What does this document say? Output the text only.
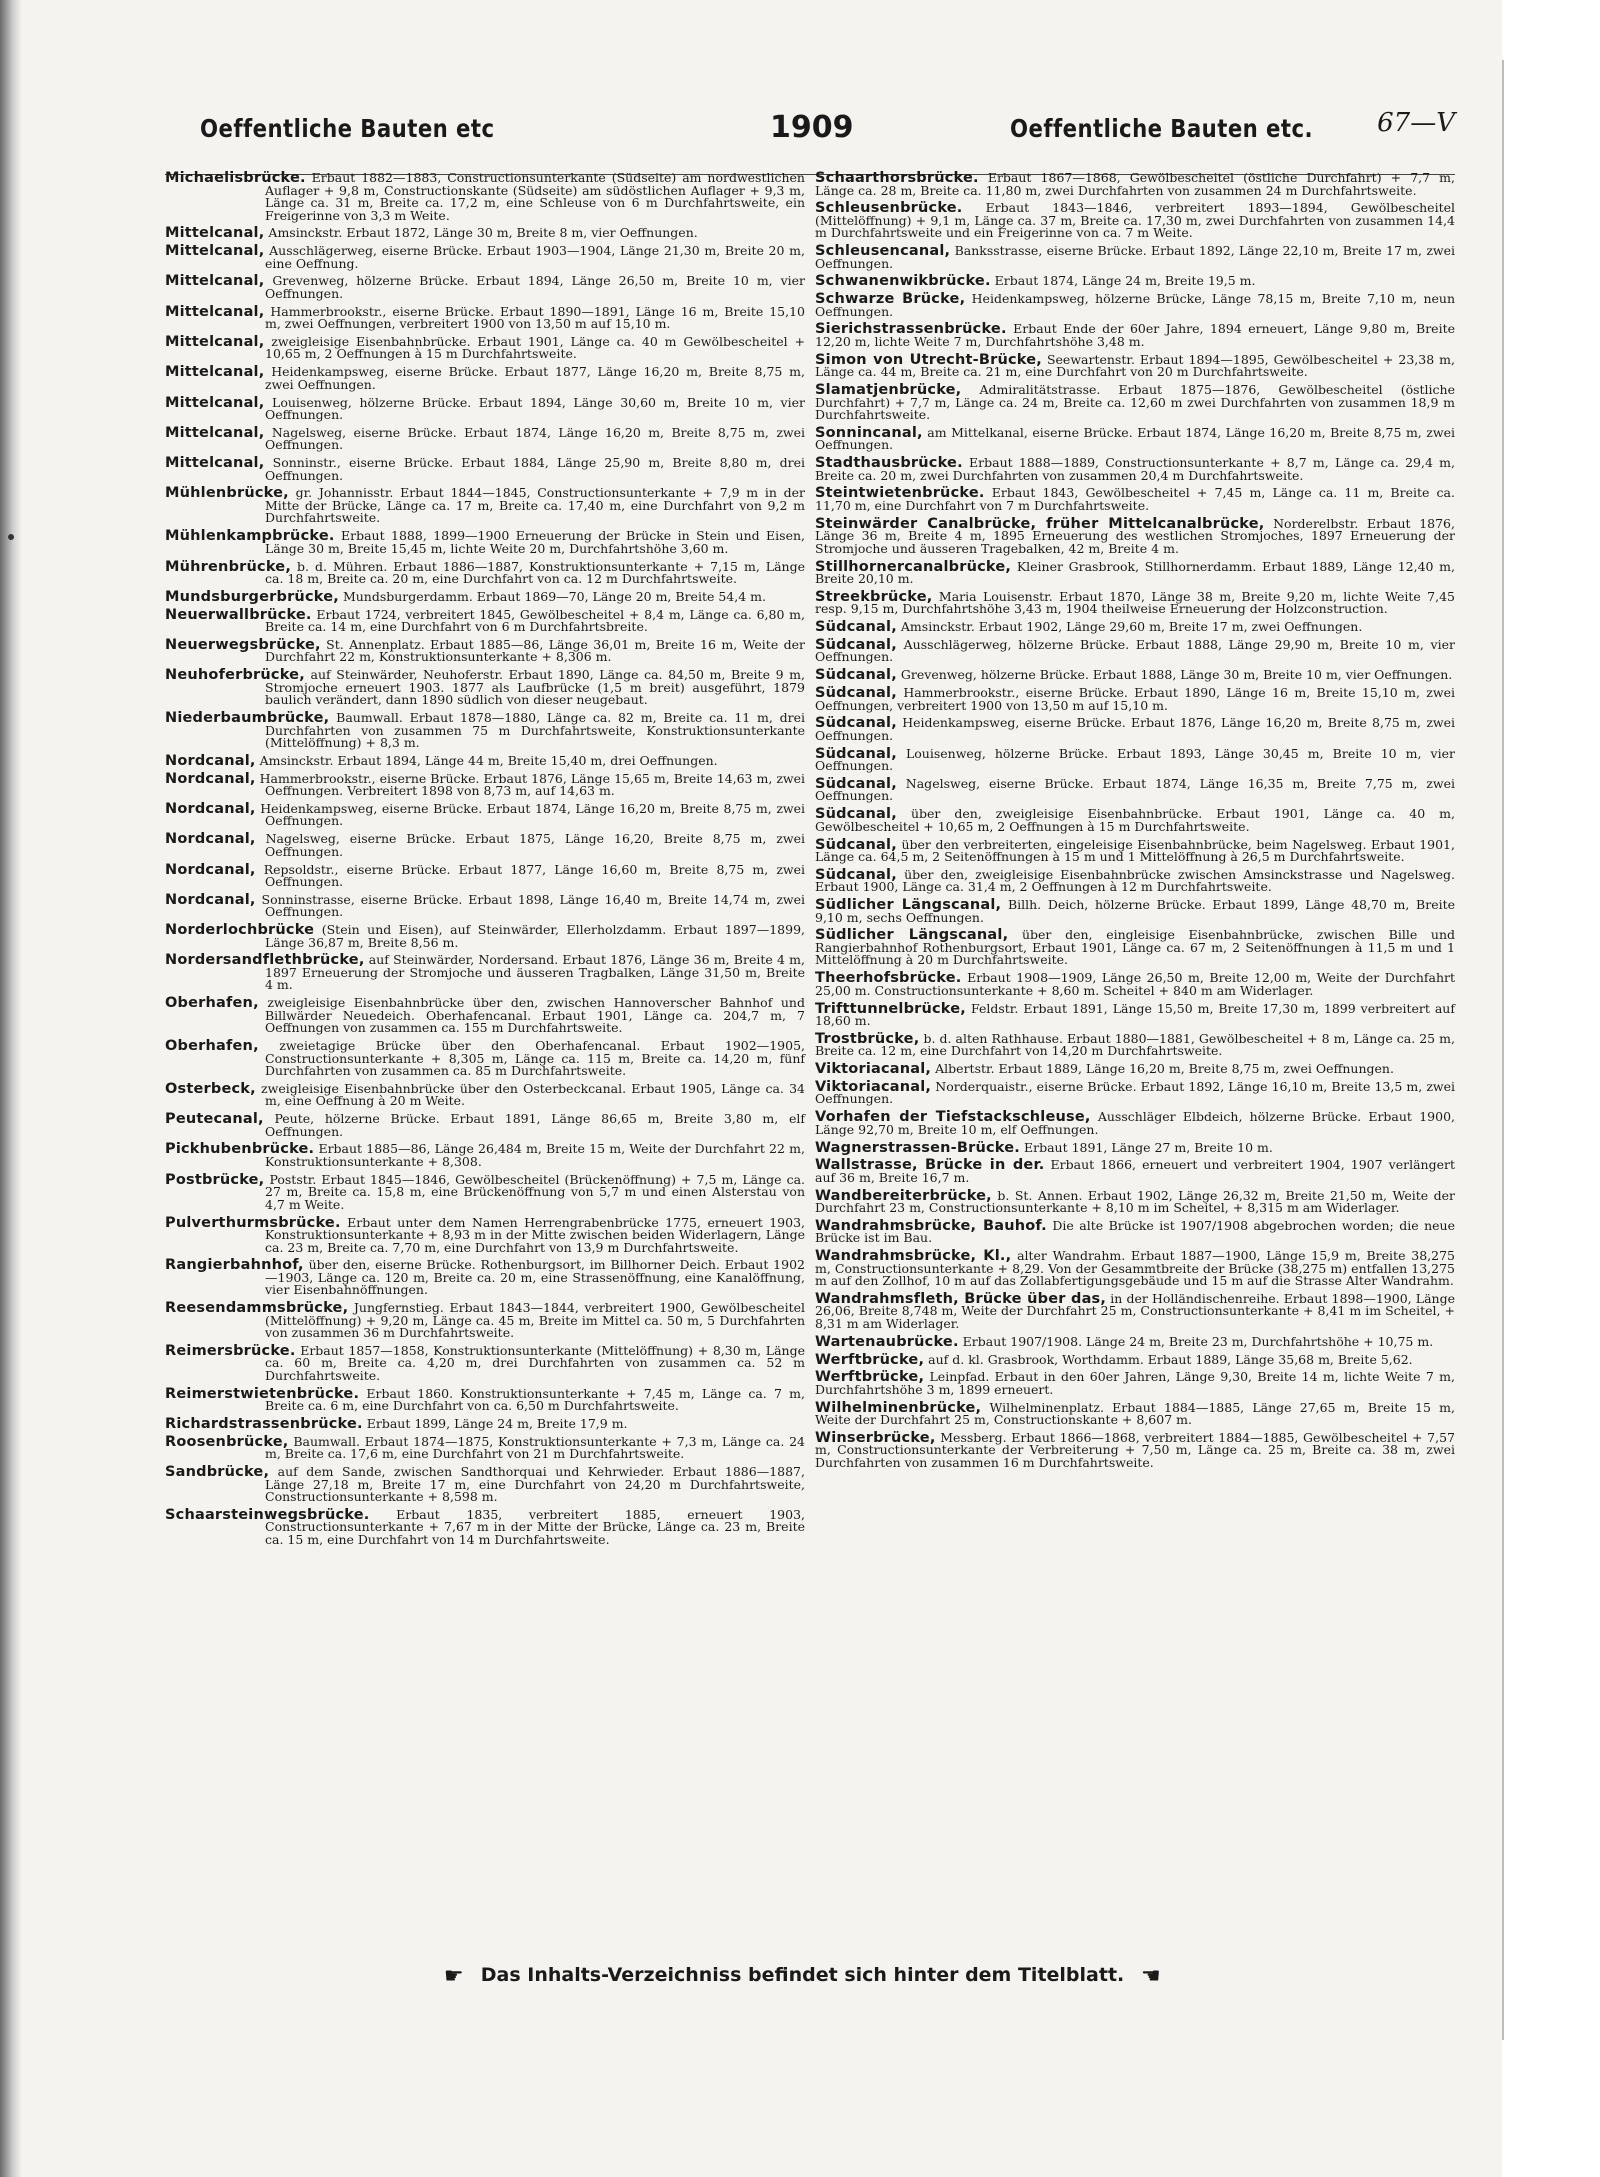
Oeffentliche Bauten etc	1909	Oeffentliche Bauten etc. 67—V

Michaelisbrücke. Erbaut 1882—1883, Constructionsunterkante (Südseite) am nordwestlichen Auflager + 9,8 m, Constructionskante (Südseite) am südöstlichen Auflager + 9,3 m, Länge ca. 31 m, Breite ca. 17,2 m, eine Schleuse von 6 m Durchfahrtsweite, ein Freigerinne von 3,3 m Weite.

Mittelcanal, Amsinckstr. Erbaut 1872, Länge 30 m, Breite 8 m, vier Oeffnungen.

Mittelcanal, Ausschlägerweg, eiserne Brücke. Erbaut 1903—1904, Länge 21,30 m, Breite 20 m, eine Oeffnung.

Mittelcanal, Grevenweg, hölzerne Brücke. Erbaut 1894, Länge 26,50 m, Breite 10 m, vier Oeffnungen.

Mittelcanal, Hammerbrookstr., eiserne Brücke. Erbaut 1890—1891, Länge 16 m, Breite 15,10 m, zwei Oeffnungen, verbreitert 1900 von 13,50 m auf 15,10 m.

Mittelcanal, zweigleisige Eisenbahnbrücke. Erbaut 1901, Länge ca. 40 m Gewölbescheitel + 10,65 m, 2 Oeffnungen à 15 m Durchfahrtsweite.

Mittelcanal, Heidenkampsweg, eiserne Brücke. Erbaut 1877, Länge 16,20 m, Breite 8,75 m, zwei Oeffnungen.

Mittelcanal, Louisenweg, hölzerne Brücke. Erbaut 1894, Länge 30,60 m, Breite 10 m, vier Oeffnungen.

Mittelcanal, Nagelsweg, eiserne Brücke. Erbaut 1874, Länge 16,20 m, Breite 8,75 m, zwei Oeffnungen.

Mittelcanal, Sonninstr., eiserne Brücke. Erbaut 1884, Länge 25,90 m, Breite 8,80 m, drei Oeffnungen.

Mühlenbrücke, gr. Johannisstr. Erbaut 1844—1845, Constructionsunterkante + 7,9 m in der Mitte der Brücke, Länge ca. 17 m, Breite ca. 17,40 m, eine Durchfahrt von 9,2 m Durchfahrtsweite.

Mühlenkampbrücke. Erbaut 1888, 1899—1900 Erneuerung der Brücke in Stein und Eisen, Länge 30 m, Breite 15,45 m, lichte Weite 20 m, Durchfahrtshöhe 3,60 m.

Mührenbrücke, b. d. Mühren. Erbaut 1886—1887, Konstruktionsunterkante + 7,15 m, Länge ca. 18 m, Breite ca. 20 m, eine Durchfahrt von ca. 12 m Durchfahrtsweite.

Mundsburgerbrücke, Mundsburgerdamm. Erbaut 1869—70, Länge 20 m, Breite 54,4 m.

Neuerwallbrücke. Erbaut 1724, verbreitert 1845, Gewölbescheitel + 8,4 m, Länge ca. 6,80 m, Breite ca. 14 m, eine Durchfahrt von 6 m Durchfahrtsbreite.

Neuerwegsbrücke, St. Annenplatz. Erbaut 1885—86, Länge 36,01 m, Breite 16 m, Weite der Durchfahrt 22 m, Konstruktionsunterkante + 8,306 m.

Neuhoferbrücke, auf Steinwärder, Neuhoferstr. Erbaut 1890, Länge ca. 84,50 m, Breite 9 m, Stromjoche erneuert 1903. 1877 als Laufbrücke (1,5 m breit) ausgeführt, 1879 baulich verändert, dann 1890 südlich von dieser neugebaut.

Niederbaumbrücke, Baumwall. Erbaut 1878—1880, Länge ca. 82 m, Breite ca. 11 m, drei Durchfahrten von zusammen 75 m Durchfahrtsweite, Konstruktionsunterkante (Mittelöffnung) + 8,3 m.

Nordcanal, Amsinckstr. Erbaut 1894, Länge 44 m, Breite 15,40 m, drei Oeffnungen.

Nordcanal, Hammerbrookstr., eiserne Brücke. Erbaut 1876, Länge 15,65 m, Breite 14,63 m, zwei Oeffnungen. Verbreitert 1898 von 8,73 m, auf 14,63 m.

Nordcanal, Heidenkampsweg, eiserne Brücke. Erbaut 1874, Länge 16,20 m, Breite 8,75 m, zwei Oeffnungen.

Nordcanal, Nagelsweg, eiserne Brücke. Erbaut 1875, Länge 16,20, Breite 8,75 m, zwei Oeffnungen.

Nordcanal, Repsoldstr., eiserne Brücke. Erbaut 1877, Länge 16,60 m, Breite 8,75 m, zwei Oeffnungen.

Nordcanal, Sonninstrasse, eiserne Brücke. Erbaut 1898, Länge 16,40 m, Breite 14,74 m, zwei Oeffnungen.

Norderlochbrücke (Stein und Eisen), auf Steinwärder, Ellerholzdamm. Erbaut 1897—1899, Länge 36,87 m, Breite 8,56 m.

Nordersandflethbrücke, auf Steinwärder, Nordersand. Erbaut 1876, Länge 36 m, Breite 4 m, 1897 Erneuerung der Stromjoche und äusseren Tragbalken, Länge 31,50 m, Breite 4 m.

Oberhafen, zweigleisige Eisenbahnbrücke über den, zwischen Hannoverscher Bahnhof und Billwärder Neuedeich. Oberhafencanal. Erbaut 1901, Länge ca. 204,7 m, 7 Oeffnungen von zusammen ca. 155 m Durchfahrtsweite.

Oberhafen, zweietagige Brücke über den Oberhafencanal. Erbaut 1902—1905, Constructionsunterkante + 8,305 m, Länge ca. 115 m, Breite ca. 14,20 m, fünf Durchfahrten von zusammen ca. 85 m Durchfahrtsweite.

Osterbeck, zweigleisige Eisenbahnbrücke über den Osterbeckcanal. Erbaut 1905, Länge ca. 34 m, eine Oeffnung à 20 m Weite.

Peutecanal, Peute, hölzerne Brücke. Erbaut 1891, Länge 86,65 m, Breite 3,80 m, elf Oeffnungen.

Pickhubenbrücke. Erbaut 1885—86, Länge 26,484 m, Breite 15 m, Weite der Durchfahrt 22 m, Konstruktionsunterkante + 8,308.

Postbrücke, Poststr. Erbaut 1845—1846, Gewölbescheitel (Brückenöffnung) + 7,5 m, Länge ca. 27 m, Breite ca. 15,8 m, eine Brückenöffnung von 5,7 m und einen Alsterstau von 4,7 m Weite.

Pulverthurmsbrücke. Erbaut unter dem Namen Herrengrabenbrücke 1775, erneuert 1903, Konstruktionsunterkante + 8,93 m in der Mitte zwischen beiden Widerlagern, Länge ca. 23 m, Breite ca. 7,70 m, eine Durchfahrt von 13,9 m Durchfahrtsweite.

Rangierbahnhof, über den, eiserne Brücke. Rothenburgsort, im Billhorner Deich. Erbaut 1902—1903, Länge ca. 120 m, Breite ca. 20 m, eine Strassenöffnung, eine Kanalöffnung, vier Eisenbahnöffnungen.

Reesendammsbrücke, Jungfernstieg. Erbaut 1843—1844, verbreitert 1900, Gewölbescheitel (Mittelöffnung) + 9,20 m, Länge ca. 45 m, Breite im Mittel ca. 50 m, 5 Durchfahrten von zusammen 36 m Durchfahrtsweite.

Reimersbrücke. Erbaut 1857—1858, Konstruktionsunterkante (Mittelöffnung) + 8,30 m, Länge ca. 60 m, Breite ca. 4,20 m, drei Durchfahrten von zusammen ca. 52 m Durchfahrtsweite.

Reimerstwietenbrücke. Erbaut 1860. Konstruktionsunterkante + 7,45 m, Länge ca. 7 m, Breite ca. 6 m, eine Durchfahrt von ca. 6,50 m Durchfahrtsweite.

Richardstrassenbrücke. Erbaut 1899, Länge 24 m, Breite 17,9 m.

Roosenbrücke, Baumwall. Erbaut 1874—1875, Konstruktionsunterkante + 7,3 m, Länge ca. 24 m, Breite ca. 17,6 m, eine Durchfahrt von 21 m Durchfahrtsweite.

Sandbrücke, auf dem Sande, zwischen Sandthorquai und Kehrwieder. Erbaut 1886—1887, Länge 27,18 m, Breite 17 m, eine Durchfahrt von 24,20 m Durchfahrtsweite, Constructionsunterkante + 8,598 m.

Schaarsteinwegsbrücke. Erbaut 1835, verbreitert 1885, erneuert 1903, Constructionsunterkante + 7,67 m in der Mitte der Brücke, Länge ca. 23 m, Breite ca. 15 m, eine Durchfahrt von 14 m Durchfahrtsweite.

Schaarthorsbrücke. Erbaut 1867—1868, Gewölbescheitel (östliche Durchfahrt) + 7,7 m, Länge ca. 28 m, Breite ca. 11,80 m, zwei Durchfahrten von zusammen 24 m Durchfahrtsweite.

Schleusenbrücke. Erbaut 1843—1846, verbreitert 1893—1894, Gewölbescheitel (Mittelöffnung) + 9,1 m, Länge ca. 37 m, Breite ca. 17,30 m, zwei Durchfahrten von zusammen 14,4 m Durchfahrtsweite und ein Freigerinne von ca. 7 m Weite.

Schleusencanal, Banksstrasse, eiserne Brücke. Erbaut 1892, Länge 22,10 m, Breite 17 m, zwei Oeffnungen.

Schwanenwikbrücke. Erbaut 1874, Länge 24 m, Breite 19,5 m.

Schwarze Brücke, Heidenkampsweg, hölzerne Brücke, Länge 78,15 m, Breite 7,10 m, neun Oeffnungen.

Sierichstrassenbrücke. Erbaut Ende der 60er Jahre, 1894 erneuert, Länge 9,80 m, Breite 12,20 m, lichte Weite 7 m, Durchfahrtshöhe 3,48 m.

Simon von Utrecht-Brücke, Seewartenstr. Erbaut 1894—1895, Gewölbescheitel + 23,38 m, Länge ca. 44 m, Breite ca. 21 m, eine Durchfahrt von 20 m Durchfahrtsweite.

Slamatjenbrücke, Admiralitätstrasse. Erbaut 1875—1876, Gewölbescheitel (östliche Durchfahrt) + 7,7 m, Länge ca. 24 m, Breite ca. 12,60 m zwei Durchfahrten von zusammen 18,9 m Durchfahrtsweite.

Sonnincanal, am Mittelkanal, eiserne Brücke. Erbaut 1874, Länge 16,20 m, Breite 8,75 m, zwei Oeffnungen.

Stadthausbrücke. Erbaut 1888—1889, Constructionsunterkante + 8,7 m, Länge ca. 29,4 m, Breite ca. 20 m, zwei Durchfahrten von zusammen 20,4 m Durchfahrtsweite.

Steintwietenbrücke. Erbaut 1843, Gewölbescheitel + 7,45 m, Länge ca. 11 m, Breite ca. 11,70 m, eine Durchfahrt von 7 m Durchfahrtsweite.

Steinwärder Canalbrücke, früher Mittelcanalbrücke, Norderelbstr. Erbaut 1876, Länge 36 m, Breite 4 m, 1895 Erneuerung des westlichen Stromjoches, 1897 Erneuerung der Stromjoche und äusseren Tragebalken, 42 m, Breite 4 m.

Stillhornercanalbrücke, Kleiner Grasbrook, Stillhornerdamm. Erbaut 1889, Länge 12,40 m, Breite 20,10 m.

Streekbrücke, Maria Louisenstr. Erbaut 1870, Länge 38 m, Breite 9,20 m, lichte Weite 7,45 resp. 9,15 m, Durchfahrtshöhe 3,43 m, 1904 theilweise Erneuerung der Holzconstruction.

Südcanal, Amsinckstr. Erbaut 1902, Länge 29,60 m, Breite 17 m, zwei Oeffnungen.

Südcanal, Ausschlägerweg, hölzerne Brücke. Erbaut 1888, Länge 29,90 m, Breite 10 m, vier Oeffnungen.

Südcanal, Grevenweg, hölzerne Brücke. Erbaut 1888, Länge 30 m, Breite 10 m, vier Oeffnungen.

Südcanal, Hammerbrookstr., eiserne Brücke. Erbaut 1890, Länge 16 m, Breite 15,10 m, zwei Oeffnungen, verbreitert 1900 von 13,50 m auf 15,10 m.

Südcanal, Heidenkampsweg, eiserne Brücke. Erbaut 1876, Länge 16,20 m, Breite 8,75 m, zwei Oeffnungen.

Südcanal, Louisenweg, hölzerne Brücke. Erbaut 1893, Länge 30,45 m, Breite 10 m, vier Oeffnungen.

Südcanal, Nagelsweg, eiserne Brücke. Erbaut 1874, Länge 16,35 m, Breite 7,75 m, zwei Oeffnungen.

Südcanal, über den, zweigleisige Eisenbahnbrücke. Erbaut 1901, Länge ca. 40 m, Gewölbescheitel + 10,65 m, 2 Oeffnungen à 15 m Durchfahrtsweite.

Südcanal, über den verbreiterten, eingeleisige Eisenbahnbrücke, beim Nagelsweg. Erbaut 1901, Länge ca. 64,5 m, 2 Seitenöffnungen à 15 m und 1 Mittelöffnung à 26,5 m Durchfahrtsweite.

Südcanal, über den, zweigleisige Eisenbahnbrücke zwischen Amsinckstrasse und Nagelsweg. Erbaut 1900, Länge ca. 31,4 m, 2 Oeffnungen à 12 m Durchfahrtsweite.

Südlicher Längscanal, Billh. Deich, hölzerne Brücke. Erbaut 1899, Länge 48,70 m, Breite 9,10 m, sechs Oeffnungen.

Südlicher Längscanal, über den, eingleisige Eisenbahnbrücke, zwischen Bille und Rangierbahnhof Rothenburgsort, Erbaut 1901, Länge ca. 67 m, 2 Seitenöffnungen à 11,5 m und 1 Mittelöffnung à 20 m Durchfahrtsweite.

Theerhofsbrücke. Erbaut 1908—1909, Länge 26,50 m, Breite 12,00 m, Weite der Durchfahrt 25,00 m. Constructionsunterkante + 8,60 m. Scheitel + 840 m am Widerlager.

Trifttunnelbrücke, Feldstr. Erbaut 1891, Länge 15,50 m, Breite 17,30 m, 1899 verbreitert auf 18,60 m.

Trostbrücke, b. d. alten Rathhause. Erbaut 1880—1881, Gewölbescheitel + 8 m, Länge ca. 25 m, Breite ca. 12 m, eine Durchfahrt von 14,20 m Durchfahrtsweite.

Viktoriacanal, Albertstr. Erbaut 1889, Länge 16,20 m, Breite 8,75 m, zwei Oeffnungen.

Viktoriacanal, Norderquaistr., eiserne Brücke. Erbaut 1892, Länge 16,10 m, Breite 13,5 m, zwei Oeffnungen.

Vorhafen der Tiefstackschleuse, Ausschläger Elbdeich, hölzerne Brücke. Erbaut 1900, Länge 92,70 m, Breite 10 m, elf Oeffnungen.

Wagnerstrassen-Brücke. Erbaut 1891, Länge 27 m, Breite 10 m.

Wallstrasse, Brücke in der. Erbaut 1866, erneuert und verbreitert 1904, 1907 verlängert auf 36 m, Breite 16,7 m.

Wandbereiterbrücke, b. St. Annen. Erbaut 1902, Länge 26,32 m, Breite 21,50 m, Weite der Durchfahrt 23 m, Constructionsunterkante + 8,10 m im Scheitel, + 8,315 m am Widerlager.

Wandrahmsbrücke, Bauhof. Die alte Brücke ist 1907/1908 abgebrochen worden; die neue Brücke ist im Bau.

Wandrahmsbrücke, Kl., alter Wandrahm. Erbaut 1887—1900, Länge 15,9 m, Breite 38,275 m, Constructionsunterkante + 8,29. Von der Gesammtbreite der Brücke (38,275 m) entfallen 13,275 m auf den Zollhof, 10 m auf das Zollabfertigungsgebäude und 15 m auf die Strasse Alter Wandrahm.

Wandrahmsfleth, Brücke über das, in der Holländischenreihe. Erbaut 1898—1900, Länge 26,06, Breite 8,748 m, Weite der Durchfahrt 25 m, Constructionsunterkante + 8,41 m im Scheitel, + 8,31 m am Widerlager.

Wartenaubrücke. Erbaut 1907/1908. Länge 24 m, Breite 23 m, Durchfahrtshöhe + 10,75 m.

Werftbrücke, auf d. kl. Grasbrook, Worthdamm. Erbaut 1889, Länge 35,68 m, Breite 5,62.

Werftbrücke, Leinpfad. Erbaut in den 60er Jahren, Länge 9,30, Breite 14 m, lichte Weite 7 m, Durchfahrtshöhe 3 m, 1899 erneuert.

Wilhelminenbrücke, Wilhelminenplatz. Erbaut 1884—1885, Länge 27,65 m, Breite 15 m, Weite der Durchfahrt 25 m, Constructionskante + 8,607 m.

Winserbrücke, Messberg. Erbaut 1866—1868, verbreitert 1884—1885, Gewölbescheitel + 7,57 m, Constructionsunterkante der Verbreiterung + 7,50 m, Länge ca. 25 m, Breite ca. 38 m, zwei Durchfahrten von zusammen 16 m Durchfahrtsweite.

☛ Das Inhalts-Verzeichniss befindet sich hinter dem Titelblatt. ☛
